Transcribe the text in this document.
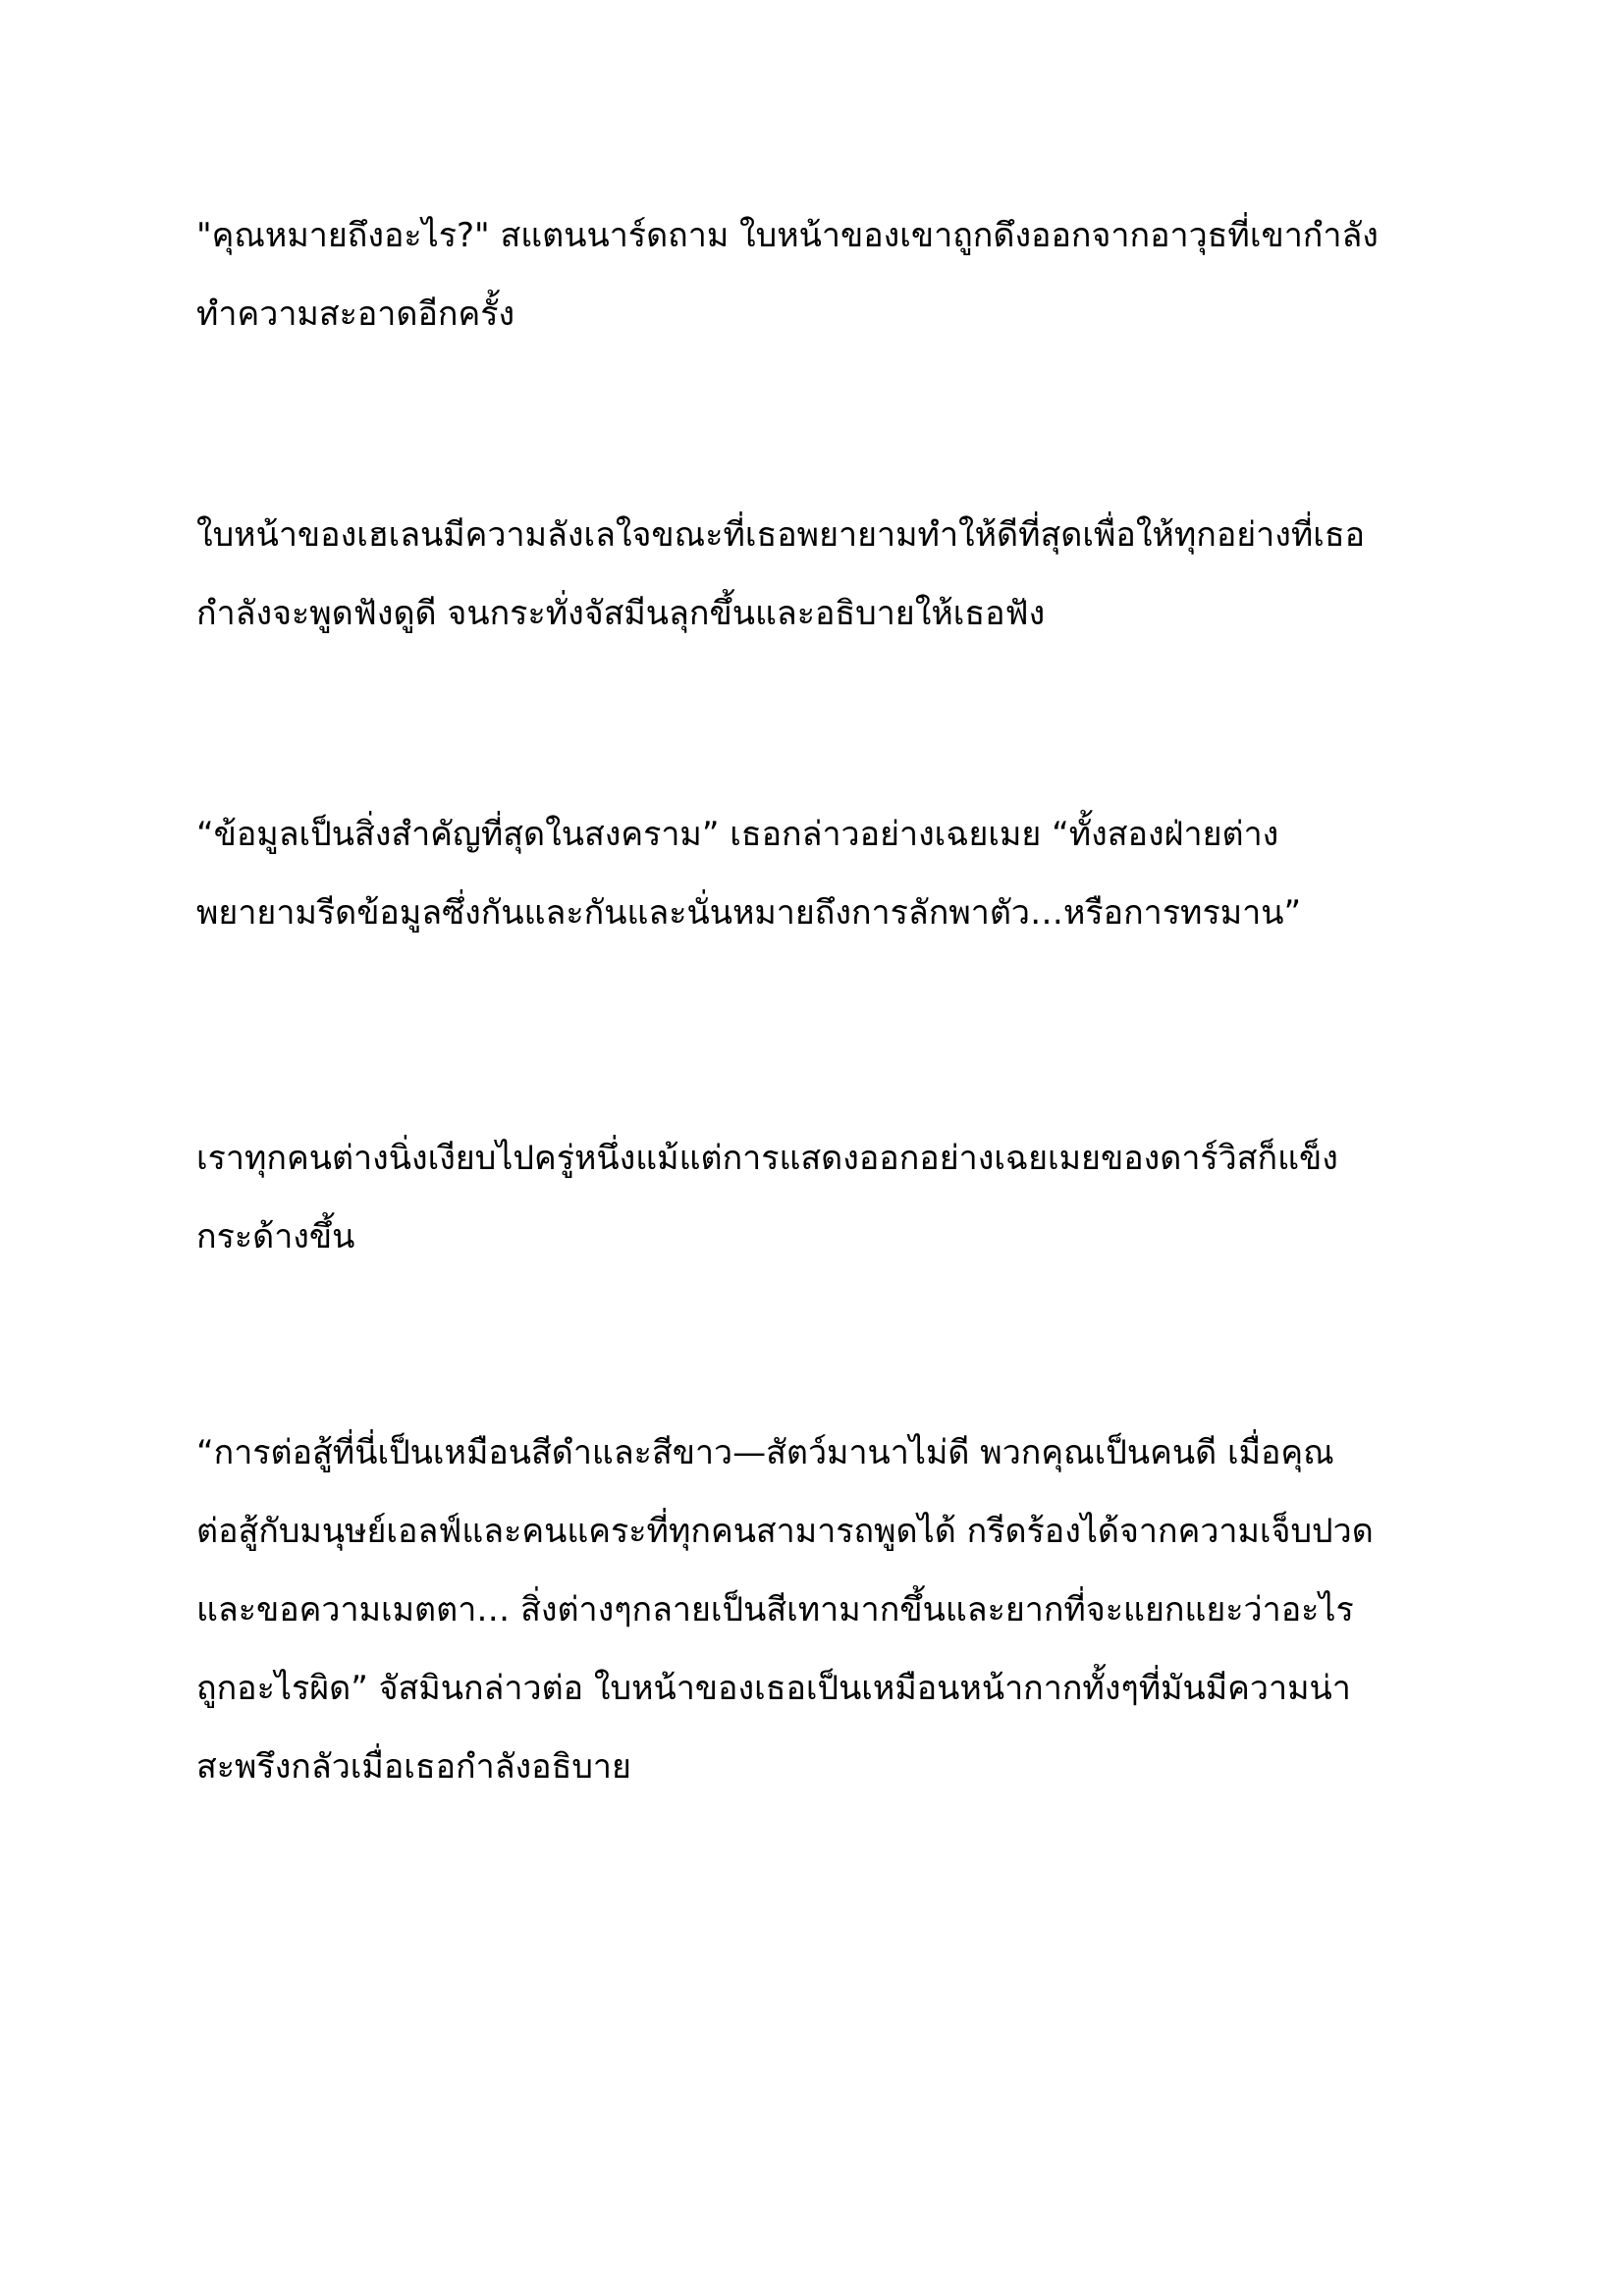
"คุณหมายถึงอะไร?" สแตนนาร์ดถาม ใบหน้าของเขาถูกดึงออกจากอาวุธที่เขากำลัง
ทำความสะอาดอีกครั้ง

ใบหน้าของเฮเลนมีความลังเลใจขณะที่เธอพยายามทำให้ดีที่สุดเพื่อให้ทุกอย่างที่เธอ
กำลังจะพูดฟังดูดี จนกระทั่งจัสมีนลุกขึ้นและอธิบายให้เธอฟัง

“ข้อมูลเป็นสิ่งสำคัญที่สุดในสงคราม” เธอกล่าวอย่างเฉยเมย “ทั้งสองฝ่ายต่าง
พยายามรีดข้อมูลซึ่งกันและกันและนั่นหมายถึงการลักพาตัว…หรือการทรมาน”

เราทุกคนต่างนิ่งเงียบไปครู่หนึ่งแม้แต่การแสดงออกอย่างเฉยเมยของดาร์วิสก็แข็ง
กระด้างขึ้น

“การต่อสู้ที่นี่เป็นเหมือนสีดำและสีขาว—สัตว์มานาไม่ดี พวกคุณเป็นคนดี เมื่อคุณ
ต่อสู้กับมนุษย์เอลฟ์และคนแคระที่ทุกคนสามารถพูดได้ กรีดร้องได้จากความเจ็บปวด
และขอความเมตตา… สิ่งต่างๆกลายเป็นสีเทามากขึ้นและยากที่จะแยกแยะว่าอะไร
ถูกอะไรผิด” จัสมินกล่าวต่อ ใบหน้าของเธอเป็นเหมือนหน้ากากทั้งๆที่มันมีความน่า
สะพรึงกลัวเมื่อเธอกำลังอธิบาย
